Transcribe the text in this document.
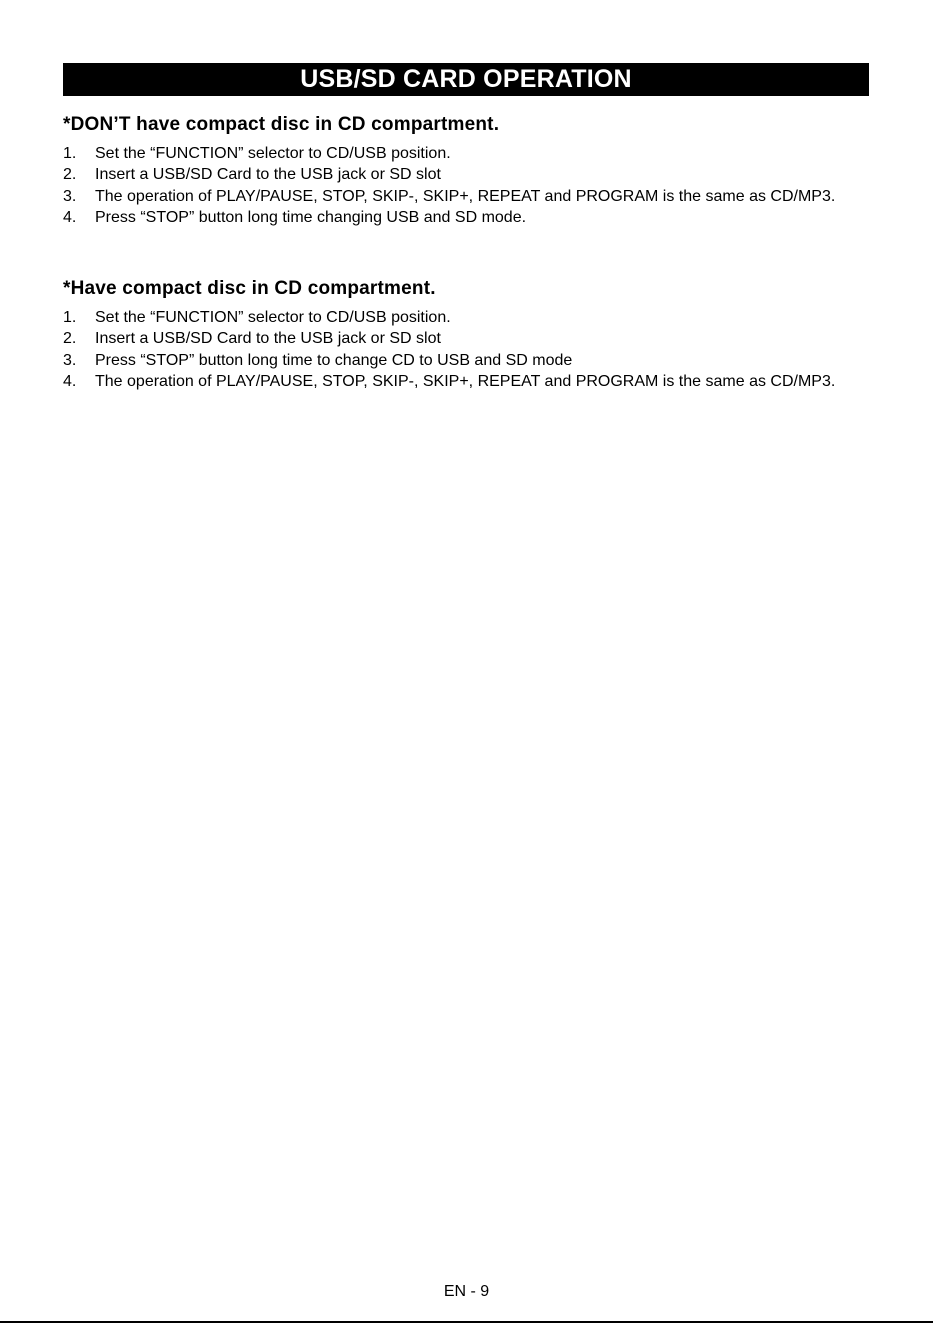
USB/SD CARD OPERATION
*DON’T have compact disc in CD compartment.
1. Set the “FUNCTION” selector to CD/USB position.
2. Insert a USB/SD Card to the USB jack or SD slot
3. The operation of PLAY/PAUSE, STOP, SKIP-, SKIP+, REPEAT and PROGRAM is the same as CD/MP3.
4. Press “STOP” button long time changing USB and SD mode.
*Have compact disc in CD compartment.
1. Set the “FUNCTION” selector to CD/USB position.
2. Insert a USB/SD Card to the USB jack or SD slot
3. Press “STOP” button long time to change CD to USB and SD mode
4. The operation of PLAY/PAUSE, STOP, SKIP-, SKIP+, REPEAT and PROGRAM is the same as CD/MP3.
EN - 9
